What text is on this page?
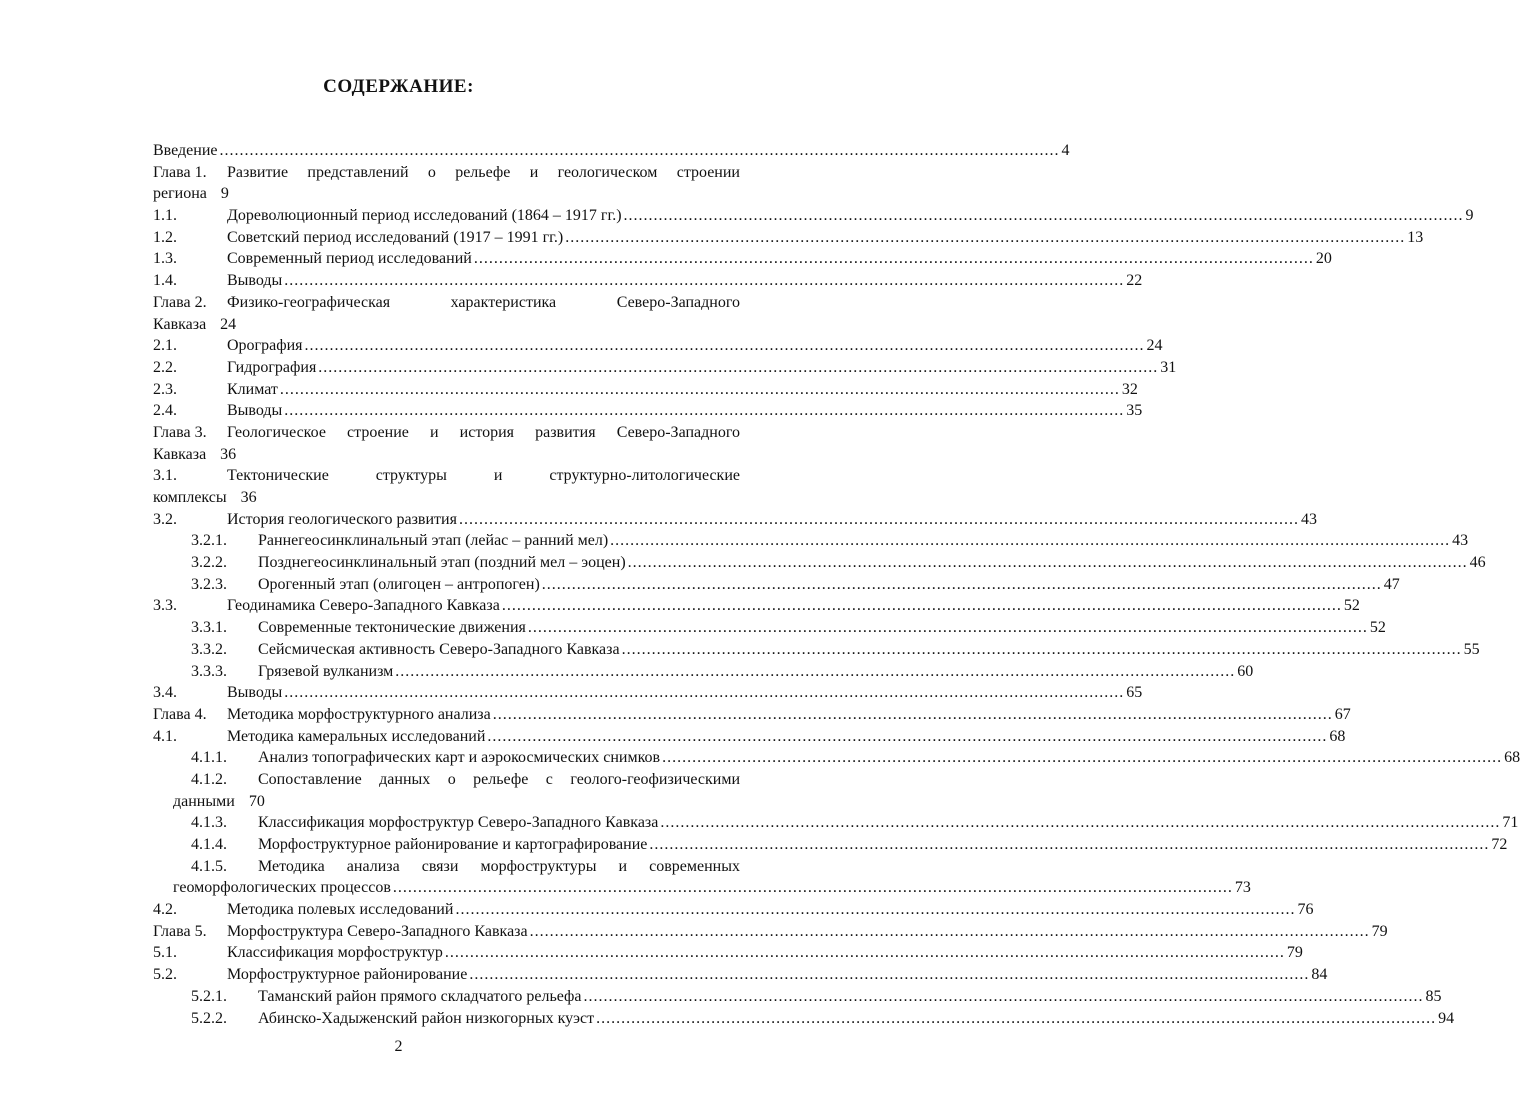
СОДЕРЖАНИЕ:
Введение .....	4
Глава 1.	Развитие представлений о рельефе и геологическом строении
региона 9
1.1.	Дореволюционный период исследований (1864 – 1917 гг.) .....	9
1.2.	Советский период исследований (1917 – 1991 гг.) .....	13
1.3.	Современный период исследований .....	20
1.4.	Выводы .....	22
Глава 2.	Физико-географическая характеристика Северо-Западного
Кавказа 24
2.1.	Орография .....	24
2.2.	Гидрография .....	31
2.3.	Климат .....	32
2.4.	Выводы .....	35
Глава 3.	Геологическое строение и история развития Северо-Западного
Кавказа 36
3.1.	Тектонические структуры и структурно-литологические
комплексы 36
3.2.	История геологического развития .....	43
3.2.1.	Раннегеосинклинальный этап (лейас – ранний мел) .....	43
3.2.2.	Позднегеосинклинальный этап (поздний мел – эоцен) .....	46
3.2.3.	Орогенный этап (олигоцен – антропоген) .....	47
3.3.	Геодинамика Северо-Западного Кавказа .....	52
3.3.1.	Современные тектонические движения .....	52
3.3.2.	Сейсмическая активность Северо-Западного Кавказа .....	55
3.3.3.	Грязевой вулканизм .....	60
3.4.	Выводы .....	65
Глава 4.	Методика морфоструктурного анализа .....	67
4.1.	Методика камеральных исследований .....	68
4.1.1.	Анализ топографических карт и аэрокосмических снимков .....	68
4.1.2.	Сопоставление данных о рельефе с геолого-геофизическими
данными 70
4.1.3.	Классификация морфоструктур Северо-Западного Кавказа .....	71
4.1.4.	Морфоструктурное районирование и картографирование .....	72
4.1.5.	Методика анализа связи морфоструктуры и современных
геоморфологических процессов .....	73
4.2.	Методика полевых исследований .....	76
Глава 5.	Морфоструктура Северо-Западного Кавказа .....	79
5.1.	Классификация морфоструктур .....	79
5.2.	Морфоструктурное районирование .....	84
5.2.1.	Таманский район прямого складчатого рельефа .....	85
5.2.2.	Абинско-Хадыженский район низкогорных куэст .....	94
2
